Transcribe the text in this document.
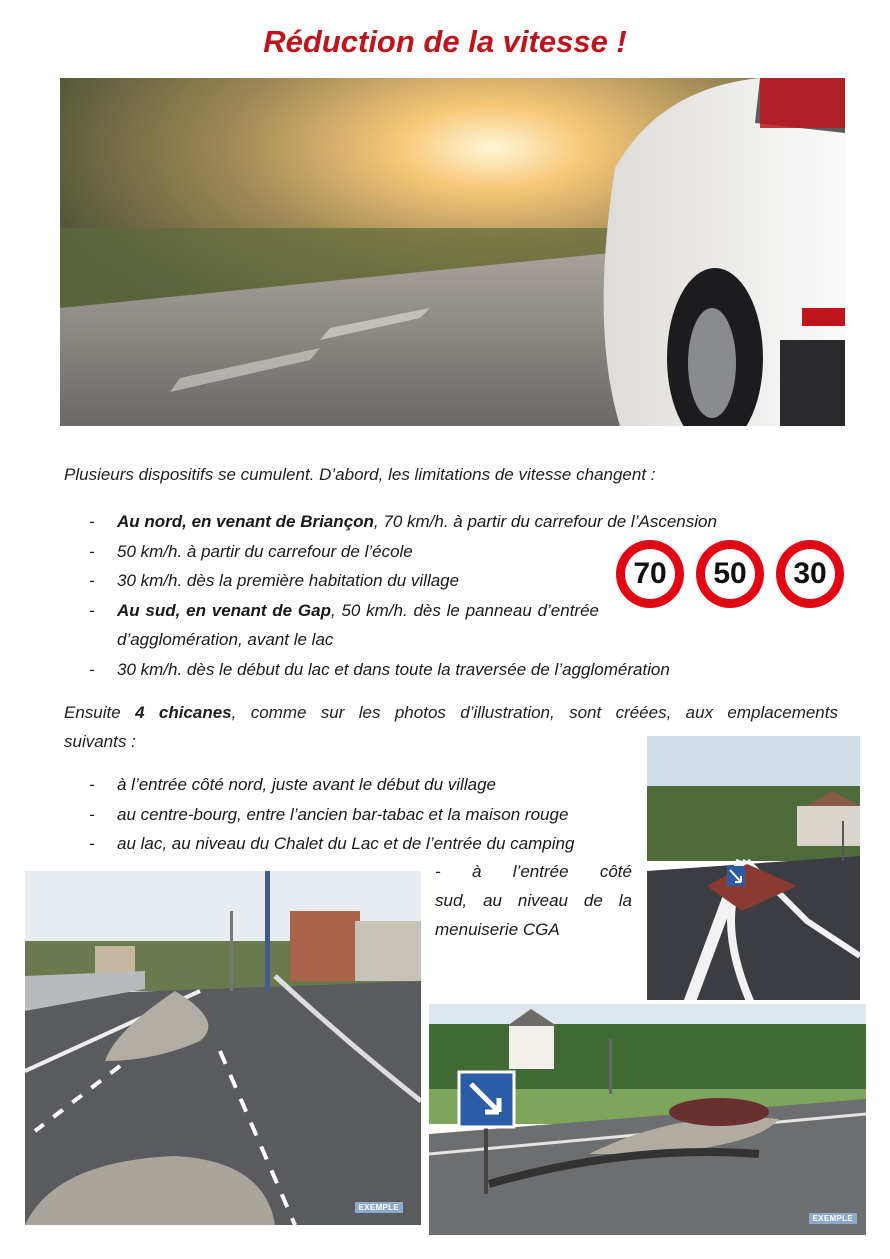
Réduction de la vitesse !
Plusieurs dispositifs se cumulent. D’abord, les limitations de vitesse changent :
- Au nord, en venant de Briançon, 70 km/h. à partir du carrefour de l’Ascension
- 50 km/h. à partir du carrefour de l’école
- 30 km/h. dès la première habitation du village
- Au sud, en venant de Gap, 50 km/h. dès le panneau d’entrée d’agglomération, avant le lac
- 30 km/h. dès le début du lac et dans toute la traversée de l’agglomération
70 50 30
Ensuite 4 chicanes, comme sur les photos d’illustration, sont créées, aux emplacements
suivants :
- à l’entrée côté nord, juste avant le début du village
- au centre-bourg, entre l’ancien bar-tabac et la maison rouge
- au lac, au niveau du Chalet du Lac et de l’entrée du camping
- à l’entrée côté
sud, au niveau de la
menuiserie CGA
EXEMPLE
EXEMPLE
